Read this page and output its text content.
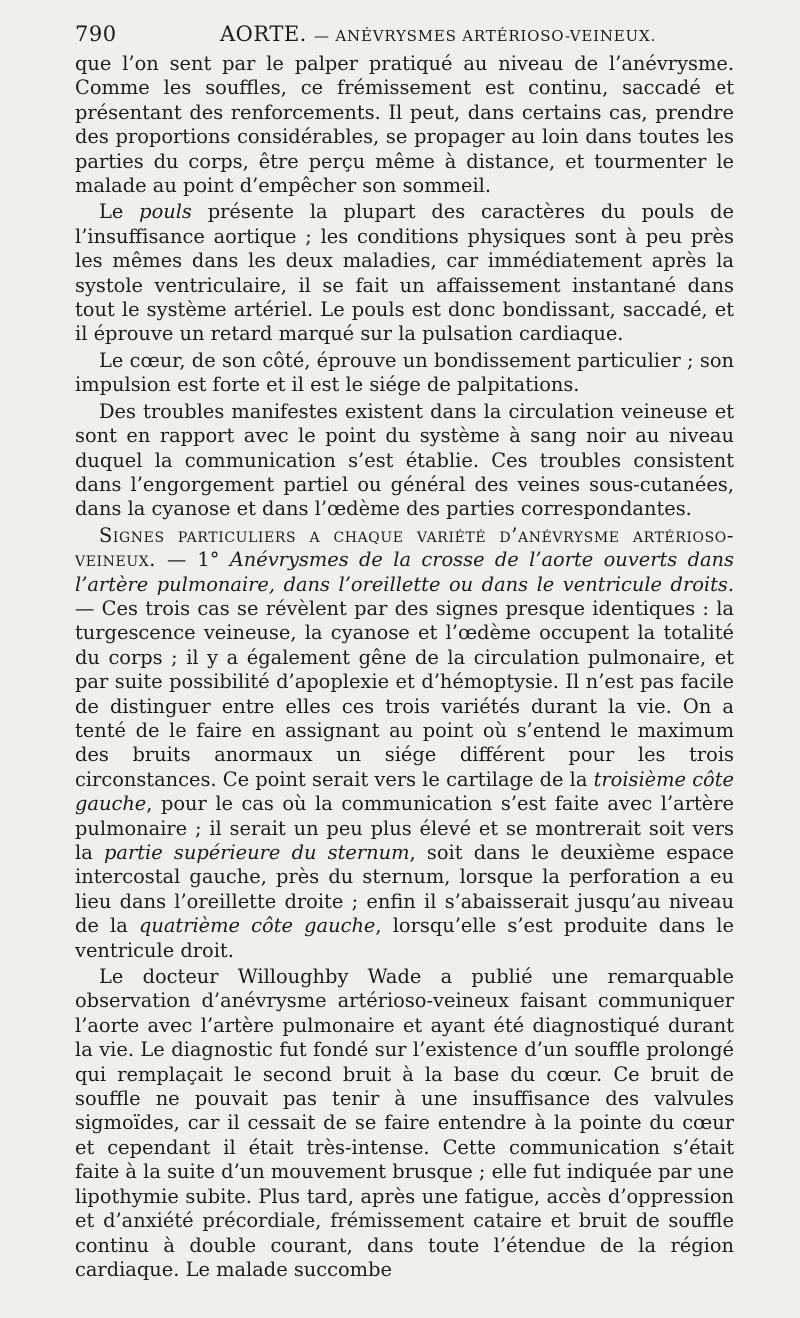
790	AORTE.
— ANÉVRYSMES ARTÉRIOSO-VEINEUX.

que l’on sent par le palper pratiqué au niveau de l’anévrysme. Comme les souffles, ce frémissement est continu, saccadé et présentant des renforcements. Il peut, dans certains cas, prendre des proportions considérables, se propager au loin dans toutes les parties du corps, être perçu même à distance, et tourmenter le malade au point d’empêcher son sommeil.

Le pouls présente la plupart des caractères du pouls de l’insuffisance aortique ; les conditions physiques sont à peu près les mêmes dans les deux maladies, car immédiatement après la systole ventriculaire, il se fait un affaissement instantané dans tout le système artériel. Le pouls est donc bondissant, saccadé, et il éprouve un retard marqué sur la pulsation cardiaque.

Le cœur, de son côté, éprouve un bondissement particulier ; son impulsion est forte et il est le siége de palpitations.

Des troubles manifestes existent dans la circulation veineuse et sont en rapport avec le point du système à sang noir au niveau duquel la communication s’est établie. Ces troubles consistent dans l’engorgement partiel ou général des veines sous-cutanées, dans la cyanose et dans l’œdème des parties correspondantes.

Signes particuliers a chaque variété d’anévrysme artérioso-veineux. — 1° Anévrysmes de la crosse de l’aorte ouverts dans l’artère pulmonaire, dans l’oreillette ou dans le ventricule droits. — Ces trois cas se révèlent par des signes presque identiques : la turgescence veineuse, la cyanose et l’œdème occupent la totalité du corps ; il y a également gêne de la circulation pulmonaire, et par suite possibilité d’apoplexie et d’hémoptysie. Il n’est pas facile de distinguer entre elles ces trois variétés durant la vie. On a tenté de le faire en assignant au point où s’entend le maximum des bruits anormaux un siége différent pour les trois circonstances. Ce point serait vers le cartilage de la troisième côte gauche, pour le cas où la communication s’est faite avec l’artère pulmonaire ; il serait un peu plus élevé et se montrerait soit vers la partie supérieure du sternum, soit dans le deuxième espace intercostal gauche, près du sternum, lorsque la perforation a eu lieu dans l’oreillette droite ; enfin il s’abaisserait jusqu’au niveau de la quatrième côte gauche, lorsqu’elle s’est produite dans le ventricule droit.

Le docteur Willoughby Wade a publié une remarquable observation d’anévrysme artérioso-veineux faisant communiquer l’aorte avec l’artère pulmonaire et ayant été diagnostiqué durant la vie. Le diagnostic fut fondé sur l’existence d’un souffle prolongé qui remplaçait le second bruit à la base du cœur. Ce bruit de souffle ne pouvait pas tenir à une insuffisance des valvules sigmoïdes, car il cessait de se faire entendre à la pointe du cœur et cependant il était très-intense. Cette communication s’était faite à la suite d’un mouvement brusque ; elle fut indiquée par une lipothymie subite. Plus tard, après une fatigue, accès d’oppression et d’anxiété précordiale, frémissement cataire et bruit de souffle continu à double courant, dans toute l’étendue de la région cardiaque. Le malade succombe
